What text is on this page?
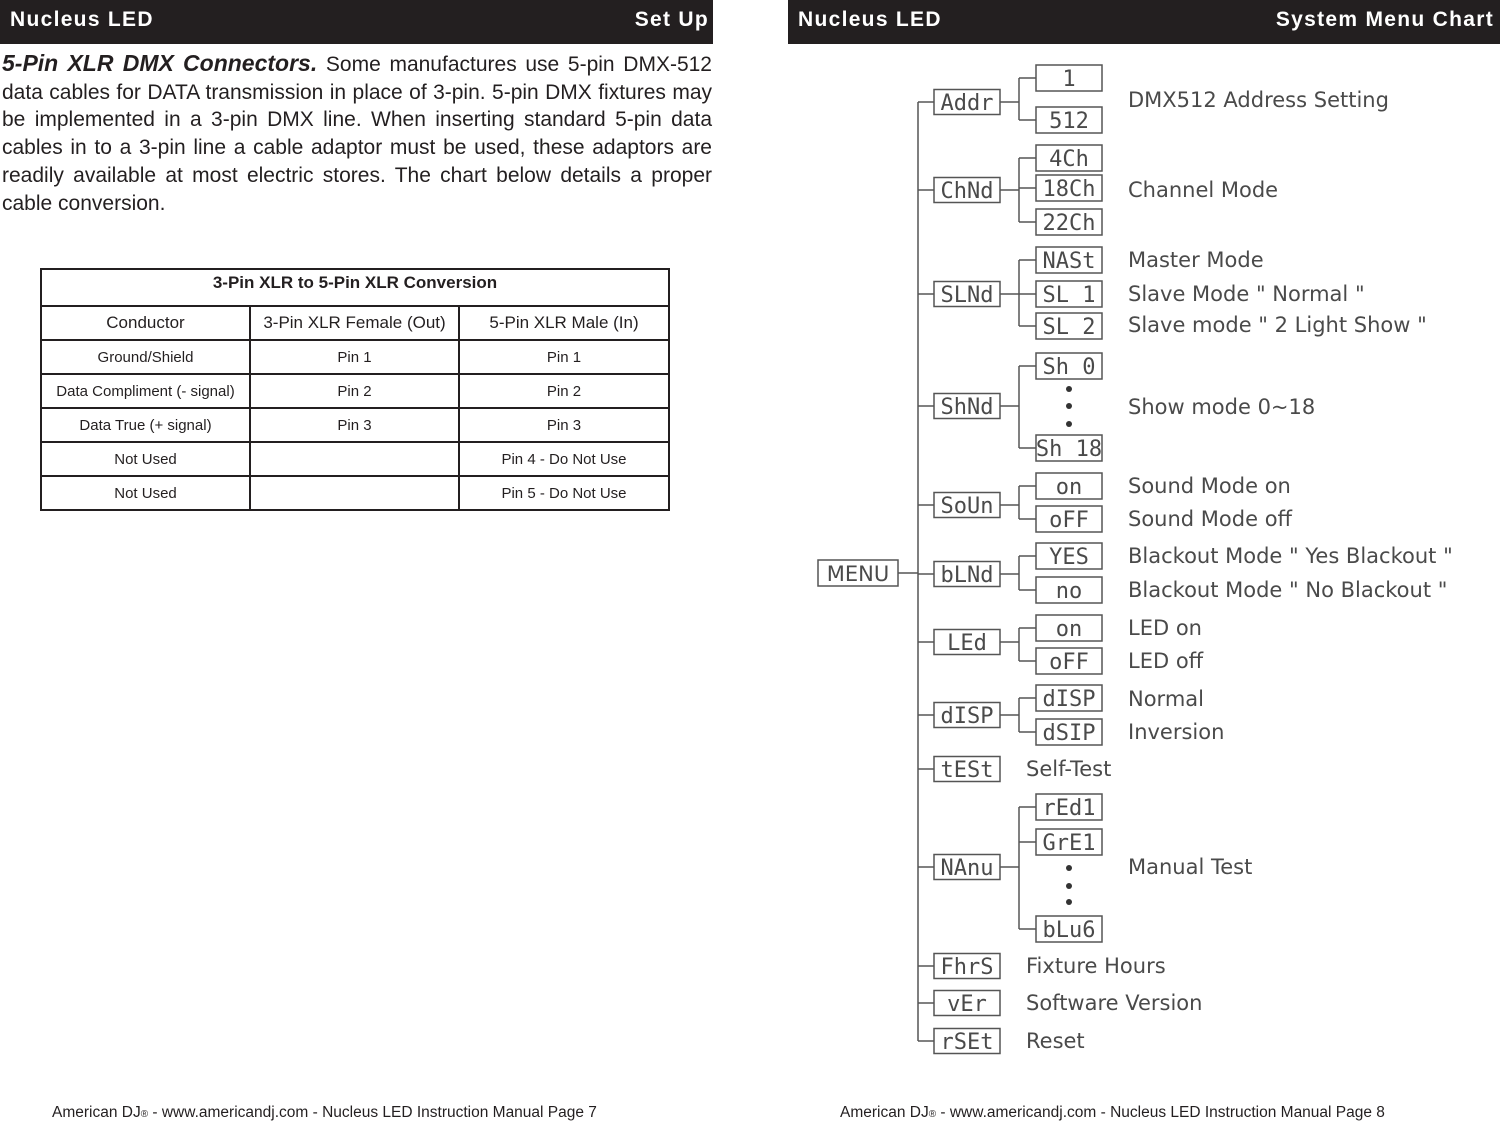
Nucleus LED	Set Up
5-Pin XLR DMX Connectors. Some manufactures use 5-pin DMX-512 data cables for DATA transmission in place of 3-pin. 5-pin DMX fixtures may be implemented in a 3-pin DMX line. When inserting standard 5-pin data cables in to a 3-pin line a cable adaptor must be used, these adaptors are readily available at most electric stores. The chart below details a proper cable conversion.
3-Pin XLR to 5-Pin XLR Conversion		
Conductor	3-Pin XLR Female (Out)	5-Pin XLR Male (In)
Ground/Shield	Pin 1	Pin 1
Data Compliment (- signal)	Pin 2	Pin 2
Data True (+ signal)	Pin 3	Pin 3
Not Used		Pin 4 - Do Not Use
Not Used		Pin 5 - Do Not Use
American DJ® - www.americandj.com - Nucleus LED Instruction Manual Page 7
Nucleus LED	System Menu Chart
MENU
Addr
1
512
DMX512 Address Setting
ChNd
4Ch
18Ch
22Ch
Channel Mode
SLNd
NASt
SL 1
SL 2
Master Mode
Slave Mode " Normal "
Slave mode " 2 Light Show "
ShNd
Sh 0
Sh 18
Show mode 0~18
SoUn
on
oFF
Sound Mode on
Sound Mode off
bLNd
YES
no
Blackout Mode " Yes Blackout "
Blackout Mode " No Blackout "
LEd
on
oFF
LED on
LED off
dISP
dISP
dSIP
Normal
Inversion
tESt Self-Test
NAnu
rEd1
GrE1
bLu6
Manual Test
FhrS Fixture Hours
vEr Software Version
rSEt Reset
American DJ® - www.americandj.com - Nucleus LED Instruction Manual Page 8
